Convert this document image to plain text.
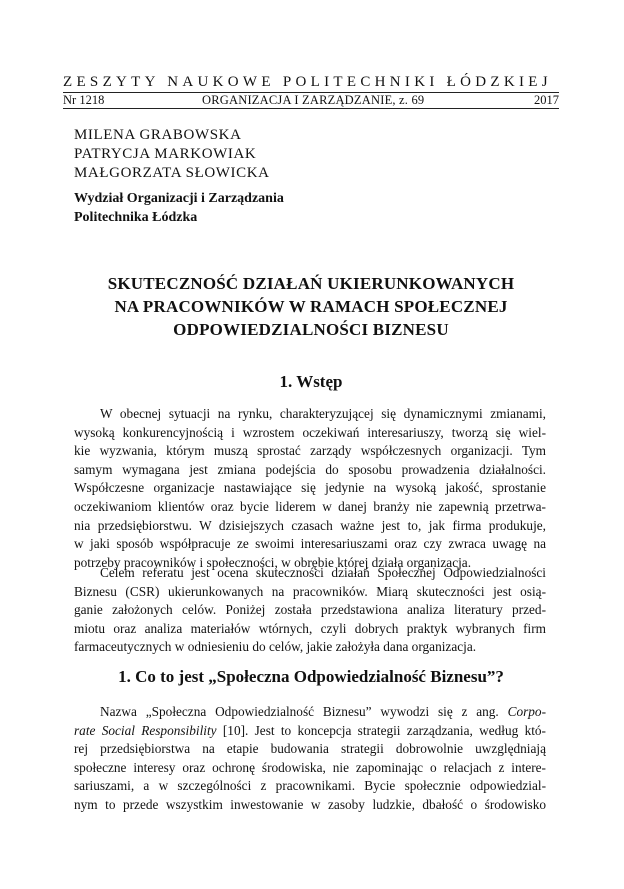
ZESZYTY NAUKOWE POLITECHNIKI ŁÓDZKIEJ
Nr 1218	ORGANIZACJA I ZARZĄDZANIE, z. 69	2017
MILENA GRABOWSKA
PATRYCJA MARKOWIAK
MAŁGORZATA SŁOWICKA
Wydział Organizacji i Zarządzania
Politechnika Łódzka
SKUTECZNOŚĆ DZIAŁAŃ UKIERUNKOWANYCH
NA PRACOWNIKÓW W RAMACH SPOŁECZNEJ
ODPOWIEDZIALNOŚCI BIZNESU
1. Wstęp
W obecnej sytuacji na rynku, charakteryzującej się dynamicznymi zmianami,
wysoką konkurencyjnością i wzrostem oczekiwań interesariuszy, tworzą się wiel-
kie wyzwania, którym muszą sprostać zarządy współczesnych organizacji. Tym
samym wymagana jest zmiana podejścia do sposobu prowadzenia działalności.
Współczesne organizacje nastawiające się jedynie na wysoką jakość, sprostanie
oczekiwaniom klientów oraz bycie liderem w danej branży nie zapewnią przetrwa-
nia przedsiębiorstwu. W dzisiejszych czasach ważne jest to, jak firma produkuje,
w jaki sposób współpracuje ze swoimi interesariuszami oraz czy zwraca uwagę na
potrzeby pracowników i społeczności, w obrębie której działa organizacja.
Celem referatu jest ocena skuteczności działań Społecznej Odpowiedzialności
Biznesu (CSR) ukierunkowanych na pracowników. Miarą skuteczności jest osią-
ganie założonych celów. Poniżej została przedstawiona analiza literatury przed-
miotu oraz analiza materiałów wtórnych, czyli dobrych praktyk wybranych firm
farmaceutycznych w odniesieniu do celów, jakie założyła dana organizacja.
1. Co to jest „Społeczna Odpowiedzialność Biznesu”?
Nazwa „Społeczna Odpowiedzialność Biznesu” wywodzi się z ang. Corpo-
rate Social Responsibility [10]. Jest to koncepcja strategii zarządzania, według któ-
rej przedsiębiorstwa na etapie budowania strategii dobrowolnie uwzględniają
społeczne interesy oraz ochronę środowiska, nie zapominając o relacjach z intere-
sariuszami, a w szczególności z pracownikami. Bycie społecznie odpowiedzial-
nym to przede wszystkim inwestowanie w zasoby ludzkie, dbałość o środowisko
